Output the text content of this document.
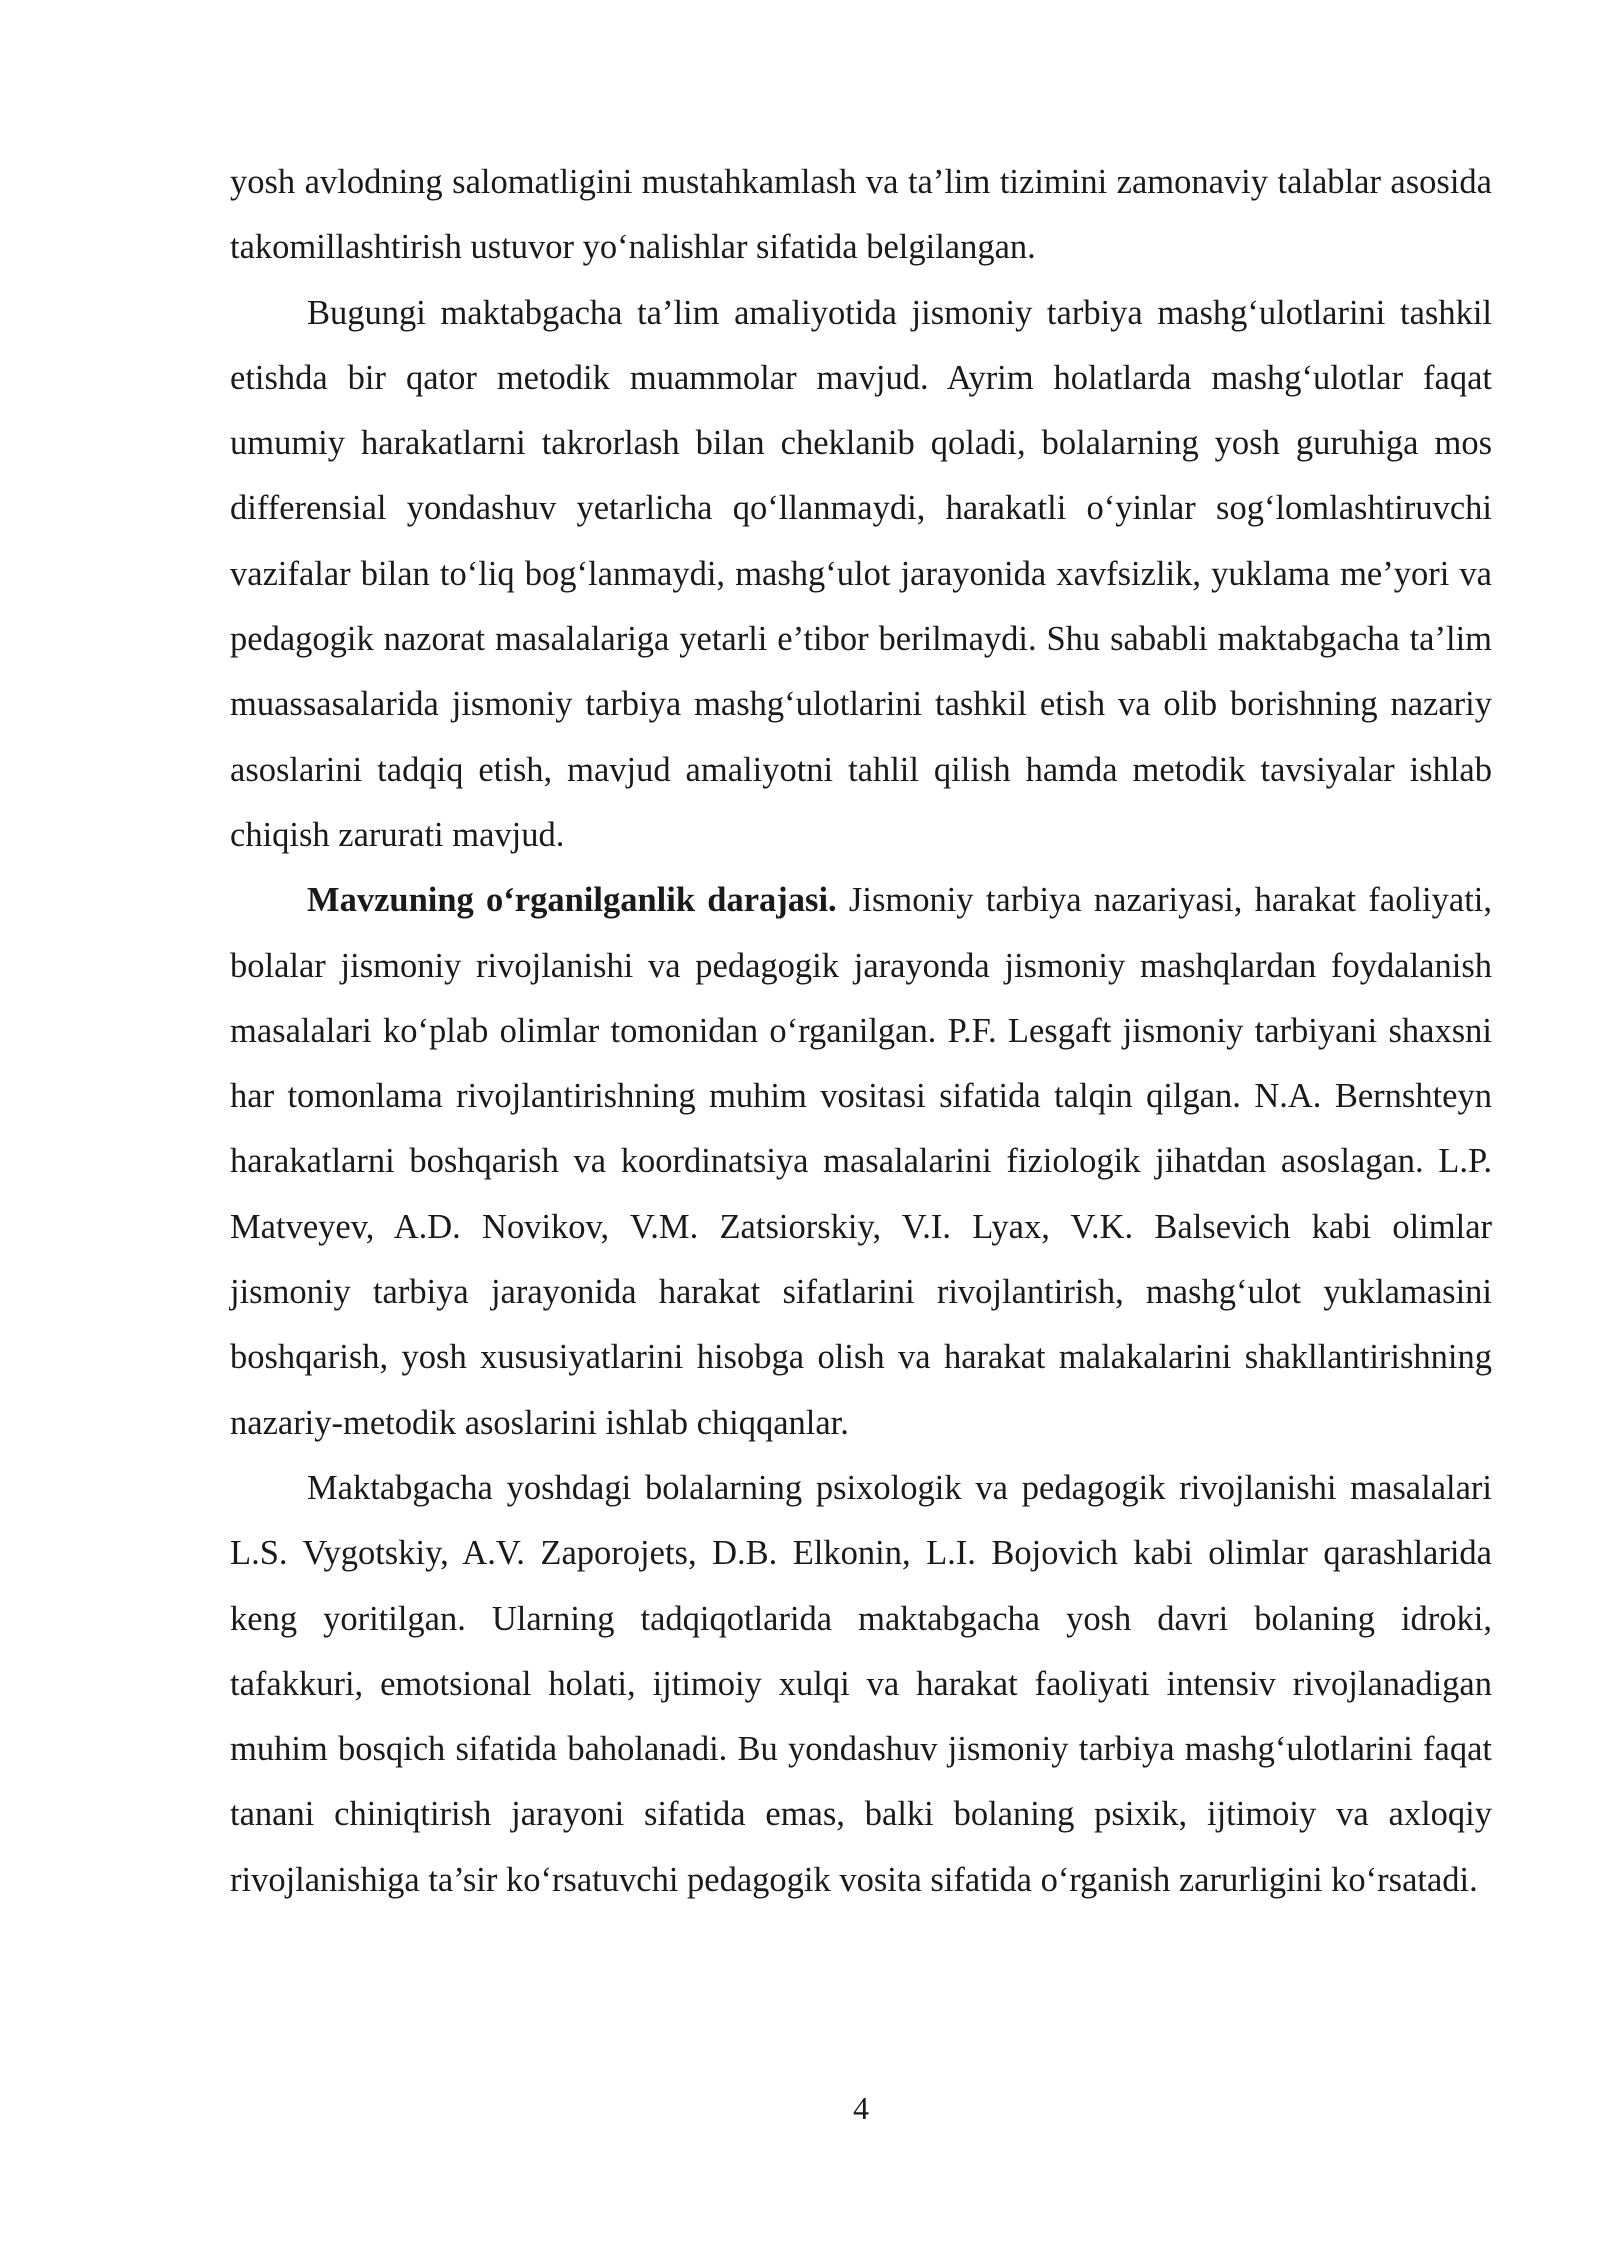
yosh avlodning salomatligini mustahkamlash va ta’lim tizimini zamonaviy talablar asosida takomillashtirish ustuvor yo‘nalishlar sifatida belgilangan.

Bugungi maktabgacha ta’lim amaliyotida jismoniy tarbiya mashg‘ulotlarini tashkil etishda bir qator metodik muammolar mavjud. Ayrim holatlarda mashg‘ulotlar faqat umumiy harakatlarni takrorlash bilan cheklanib qoladi, bolalarning yosh guruhiga mos differensial yondashuv yetarlicha qo‘llanmaydi, harakatli o‘yinlar sog‘lomlashtiruvchi vazifalar bilan to‘liq bog‘lanmaydi, mashg‘ulot jarayonida xavfsizlik, yuklama me’yori va pedagogik nazorat masalalariga yetarli e’tibor berilmaydi. Shu sababli maktabgacha ta’lim muassasalarida jismoniy tarbiya mashg‘ulotlarini tashkil etish va olib borishning nazariy asoslarini tadqiq etish, mavjud amaliyotni tahlil qilish hamda metodik tavsiyalar ishlab chiqish zarurati mavjud.

Mavzuning o‘rganilganlik darajasi. Jismoniy tarbiya nazariyasi, harakat faoliyati, bolalar jismoniy rivojlanishi va pedagogik jarayonda jismoniy mashqlardan foydalanish masalalari ko‘plab olimlar tomonidan o‘rganilgan. P.F. Lesgaft jismoniy tarbiyani shaxsni har tomonlama rivojlantirishning muhim vositasi sifatida talqin qilgan. N.A. Bernshteyn harakatlarni boshqarish va koordinatsiya masalalarini fiziologik jihatdan asoslagan. L.P. Matveyev, A.D. Novikov, V.M. Zatsiorskiy, V.I. Lyax, V.K. Balsevich kabi olimlar jismoniy tarbiya jarayonida harakat sifatlarini rivojlantirish, mashg‘ulot yuklamasini boshqarish, yosh xususiyatlarini hisobga olish va harakat malakalarini shakllantirishning nazariy-metodik asoslarini ishlab chiqqanlar.

Maktabgacha yoshdagi bolalarning psixologik va pedagogik rivojlanishi masalalari L.S. Vygotskiy, A.V. Zaporojets, D.B. Elkonin, L.I. Bojovich kabi olimlar qarashlarida keng yoritilgan. Ularning tadqiqotlarida maktabgacha yosh davri bolaning idroki, tafakkuri, emotsional holati, ijtimoiy xulqi va harakat faoliyati intensiv rivojlanadigan muhim bosqich sifatida baholanadi. Bu yondashuv jismoniy tarbiya mashg‘ulotlarini faqat tanani chiniqtirish jarayoni sifatida emas, balki bolaning psixik, ijtimoiy va axloqiy rivojlanishiga ta’sir ko‘rsatuvchi pedagogik vosita sifatida o‘rganish zarurligini ko‘rsatadi.

4
